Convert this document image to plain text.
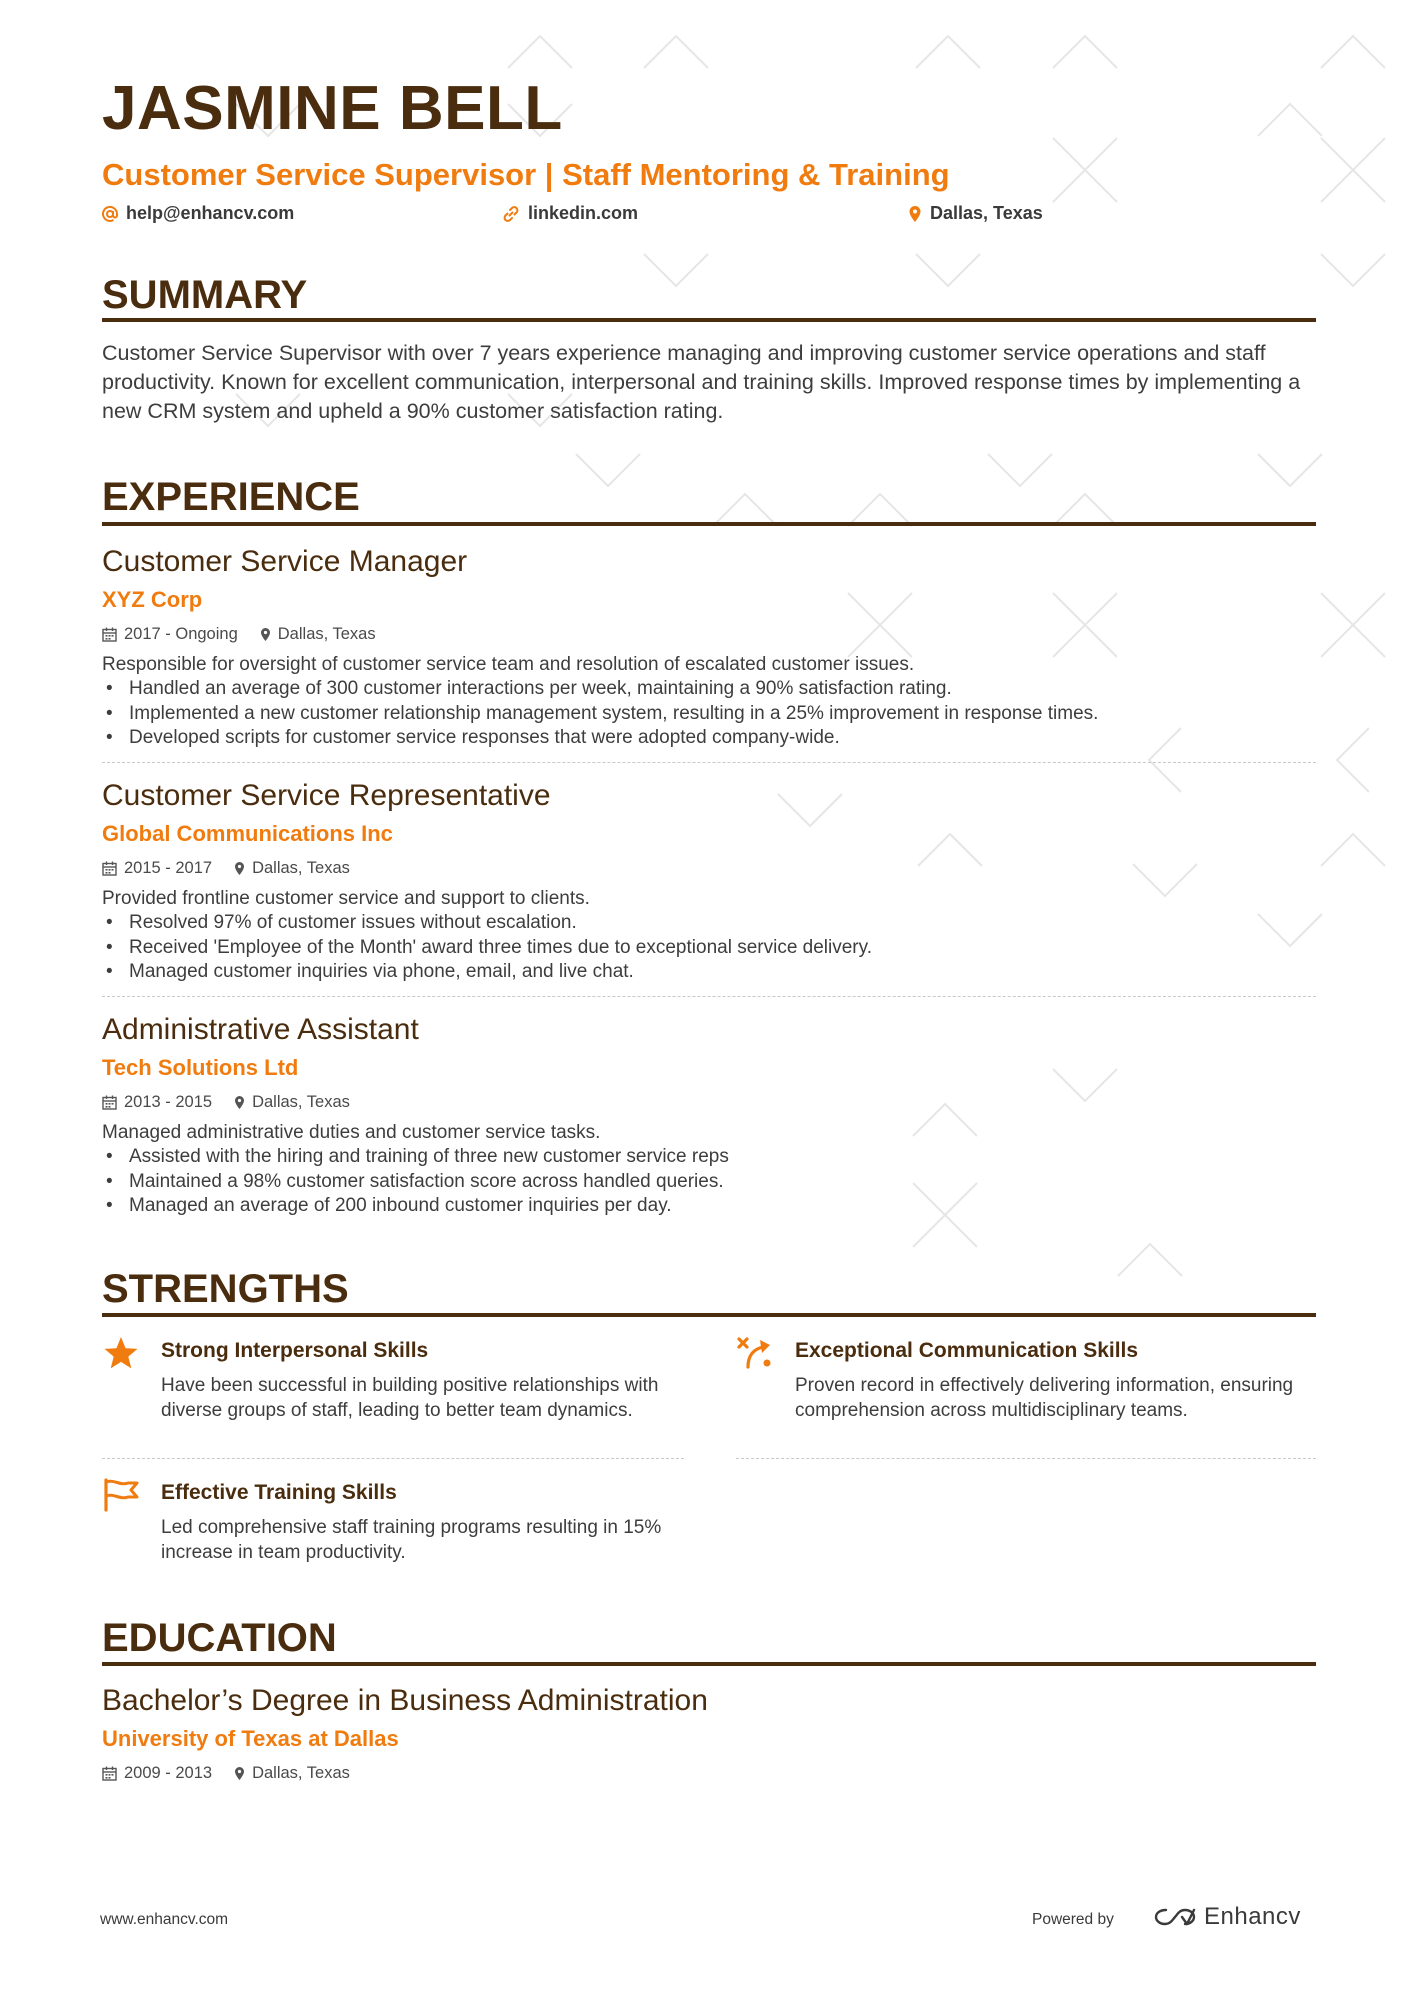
JASMINE BELL
Customer Service Supervisor | Staff Mentoring & Training
help@enhancv.com	linkedin.com	Dallas, Texas
SUMMARY
Customer Service Supervisor with over 7 years experience managing and improving customer service operations and staff productivity. Known for excellent communication, interpersonal and training skills. Improved response times by implementing a new CRM system and upheld a 90% customer satisfaction rating.
EXPERIENCE
Customer Service Manager
XYZ Corp
2017 - Ongoing Dallas, Texas
Responsible for oversight of customer service team and resolution of escalated customer issues.
• Handled an average of 300 customer interactions per week, maintaining a 90% satisfaction rating.
• Implemented a new customer relationship management system, resulting in a 25% improvement in response times.
• Developed scripts for customer service responses that were adopted company-wide.
Customer Service Representative
Global Communications Inc
2015 - 2017 Dallas, Texas
Provided frontline customer service and support to clients.
• Resolved 97% of customer issues without escalation.
• Received 'Employee of the Month' award three times due to exceptional service delivery.
• Managed customer inquiries via phone, email, and live chat.
Administrative Assistant
Tech Solutions Ltd
2013 - 2015 Dallas, Texas
Managed administrative duties and customer service tasks.
• Assisted with the hiring and training of three new customer service reps
• Maintained a 98% customer satisfaction score across handled queries.
• Managed an average of 200 inbound customer inquiries per day.
STRENGTHS
Strong Interpersonal Skills
Have been successful in building positive relationships with diverse groups of staff, leading to better team dynamics.
Exceptional Communication Skills
Proven record in effectively delivering information, ensuring comprehension across multidisciplinary teams.
Effective Training Skills
Led comprehensive staff training programs resulting in 15% increase in team productivity.
EDUCATION
Bachelor’s Degree in Business Administration
University of Texas at Dallas
2009 - 2013 Dallas, Texas
www.enhancv.com	Powered by	Enhancv
